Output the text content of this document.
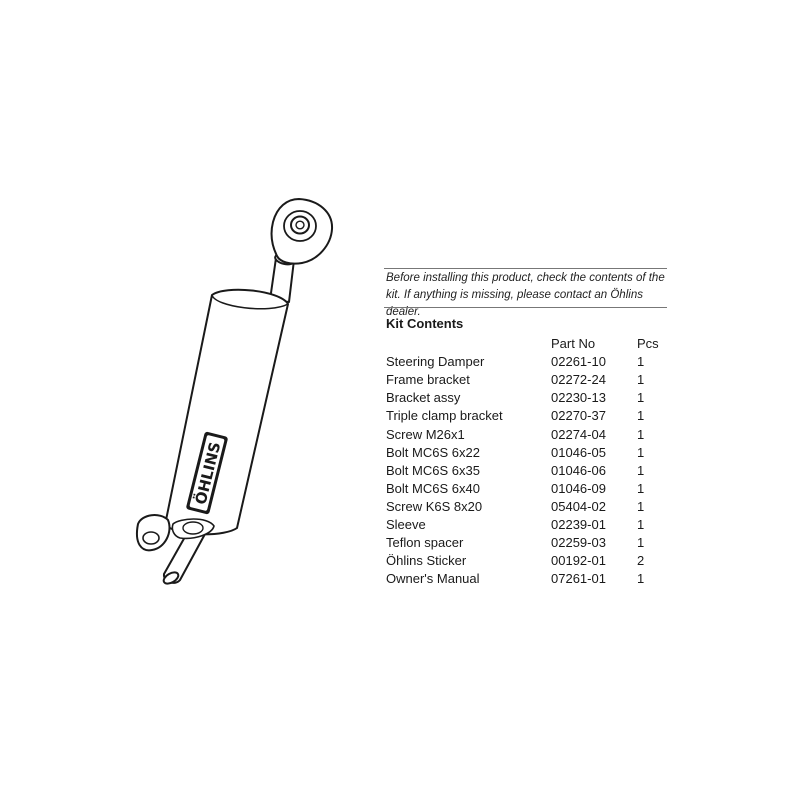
ÖHLINS
Before installing this product, check the contents of the kit. If anything is missing, please contact an Öhlins dealer.
Kit Contents
	Part No	Pcs
Steering Damper	02261-10	1
Frame bracket	02272-24	1
Bracket assy	02230-13	1
Triple clamp bracket	02270-37	1
Screw M26x1	02274-04	1
Bolt MC6S 6x22	01046-05	1
Bolt MC6S 6x35	01046-06	1
Bolt MC6S 6x40	01046-09	1
Screw K6S 8x20	05404-02	1
Sleeve	02239-01	1
Teflon spacer	02259-03	1
Öhlins Sticker	00192-01	2
Owner's Manual	07261-01	1
